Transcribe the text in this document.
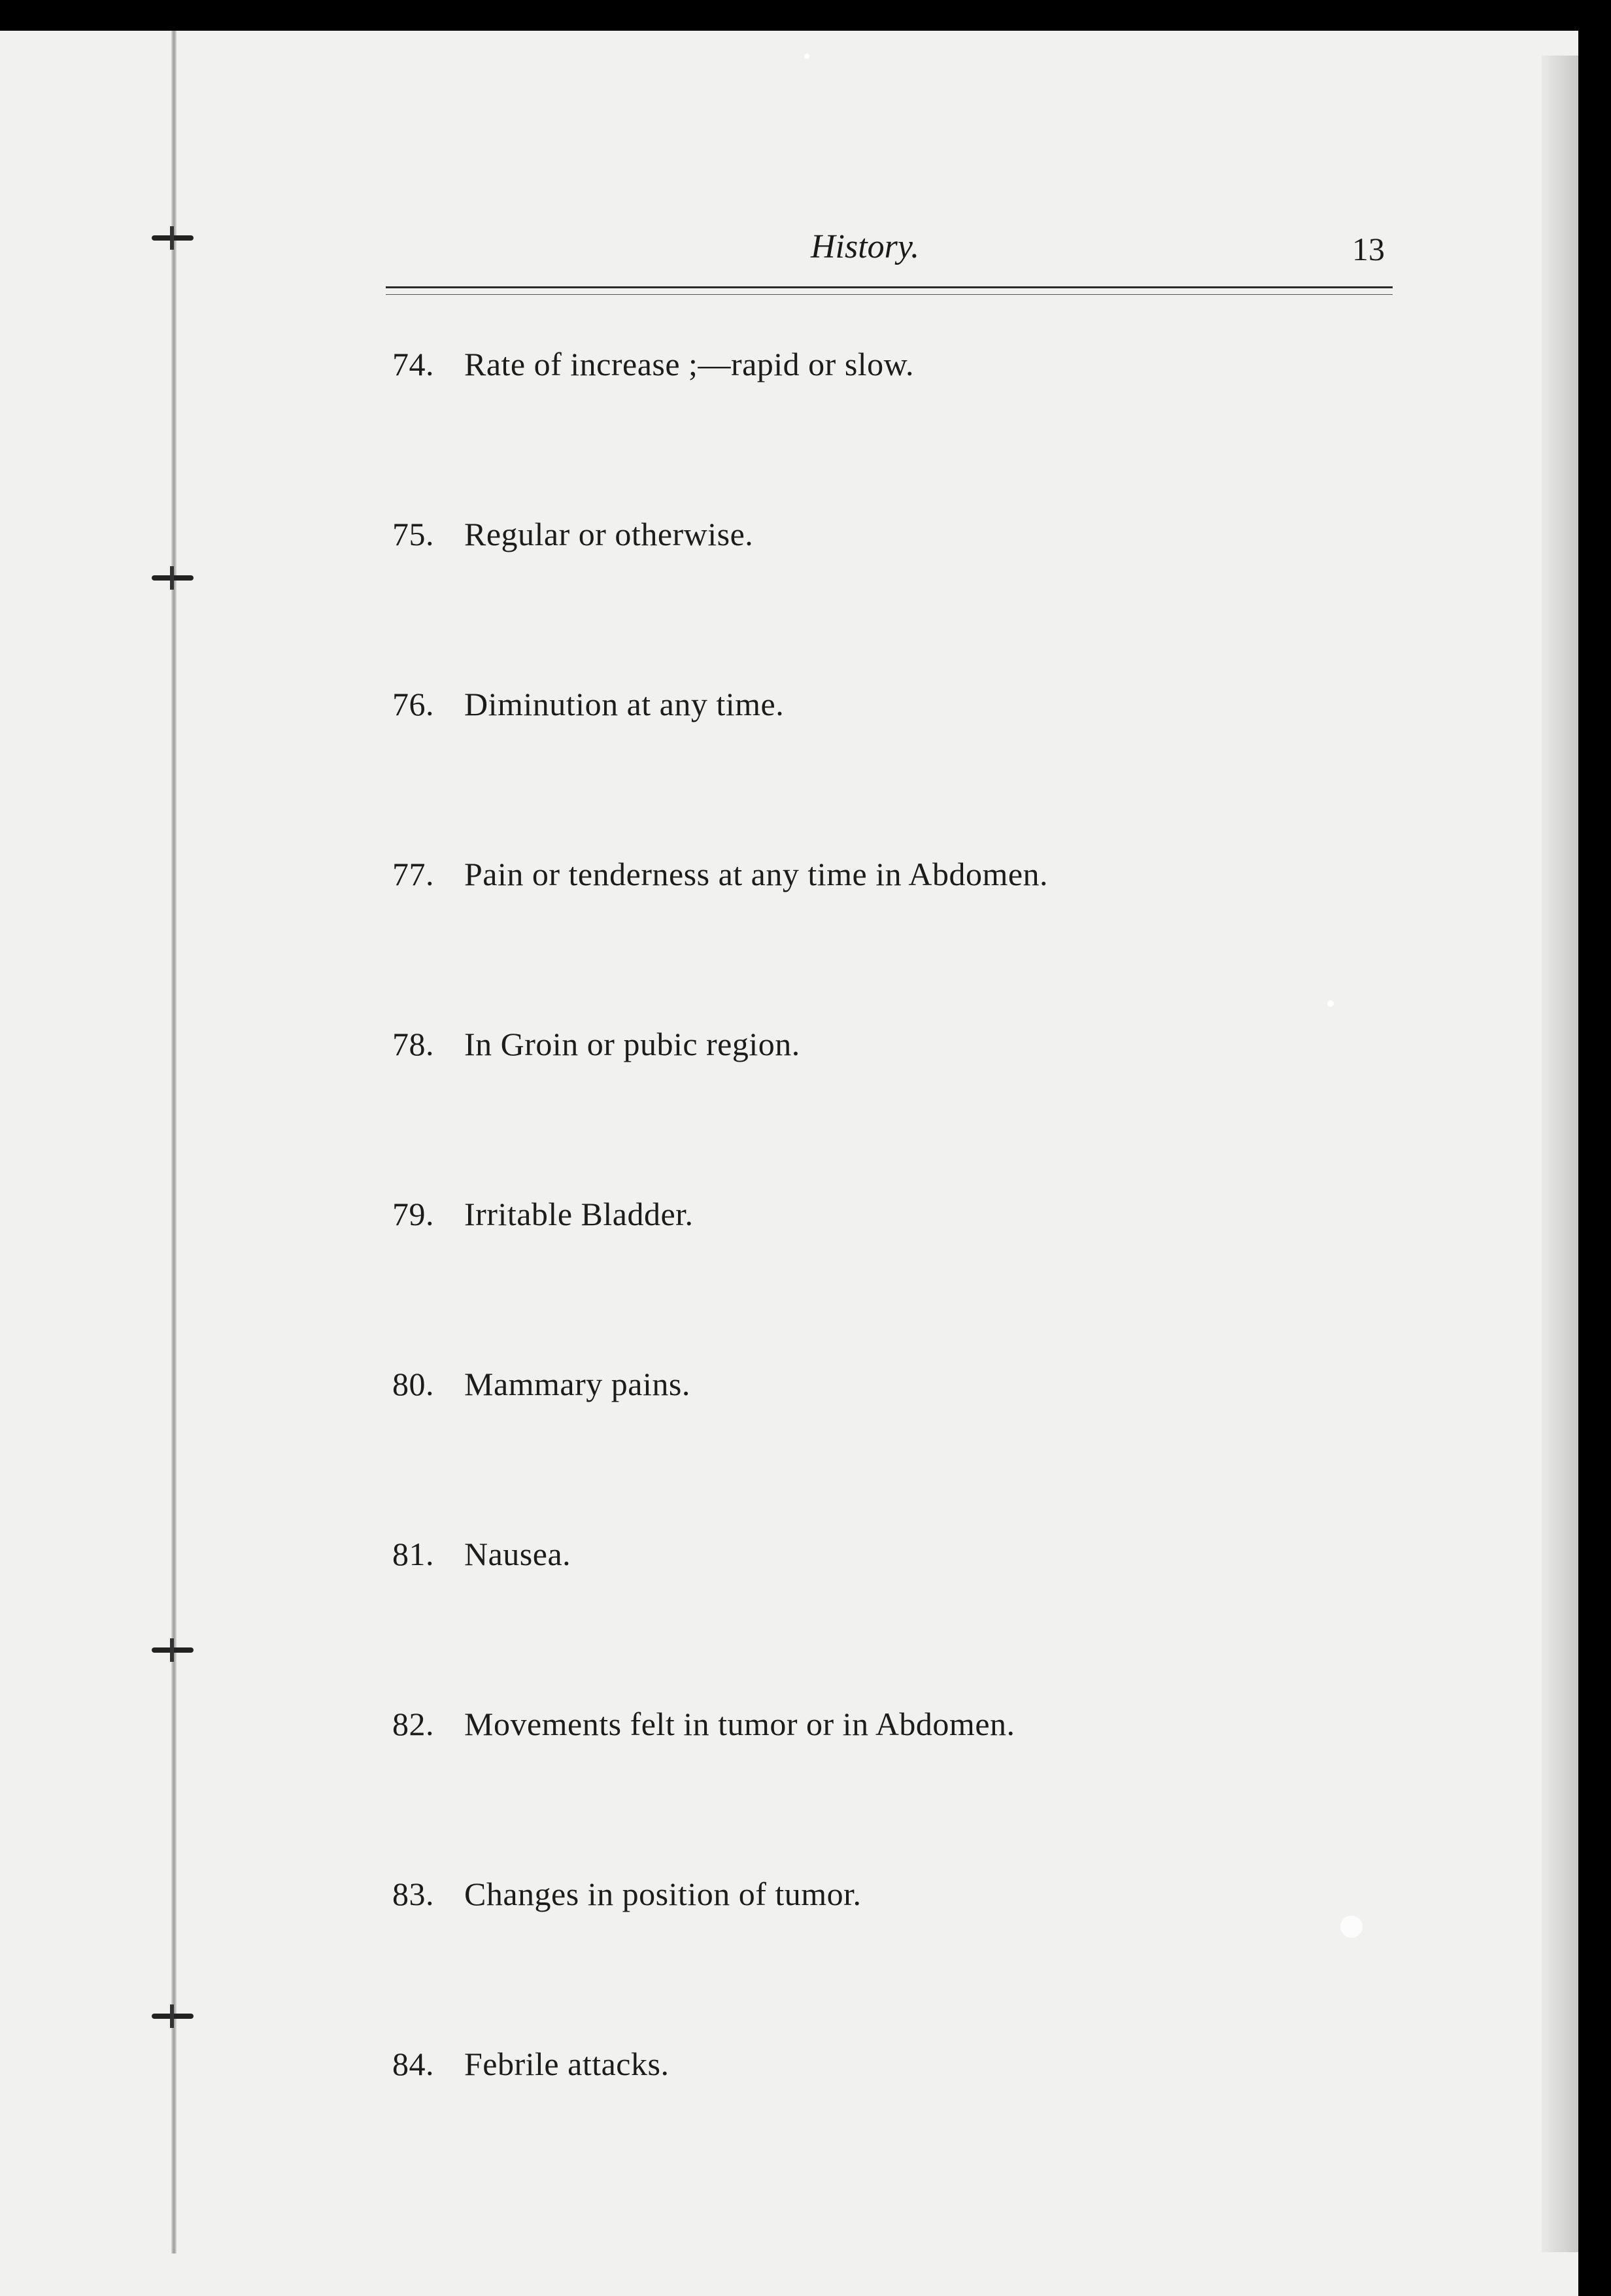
History.	13
74. Rate of increase ;—rapid or slow.
75. Regular or otherwise.
76. Diminution at any time.
77. Pain or tenderness at any time in Abdomen.
78. In Groin or pubic region.
79. Irritable Bladder.
80. Mammary pains.
81. Nausea.
82. Movements felt in tumor or in Abdomen.
83. Changes in position of tumor.
84. Febrile attacks.
